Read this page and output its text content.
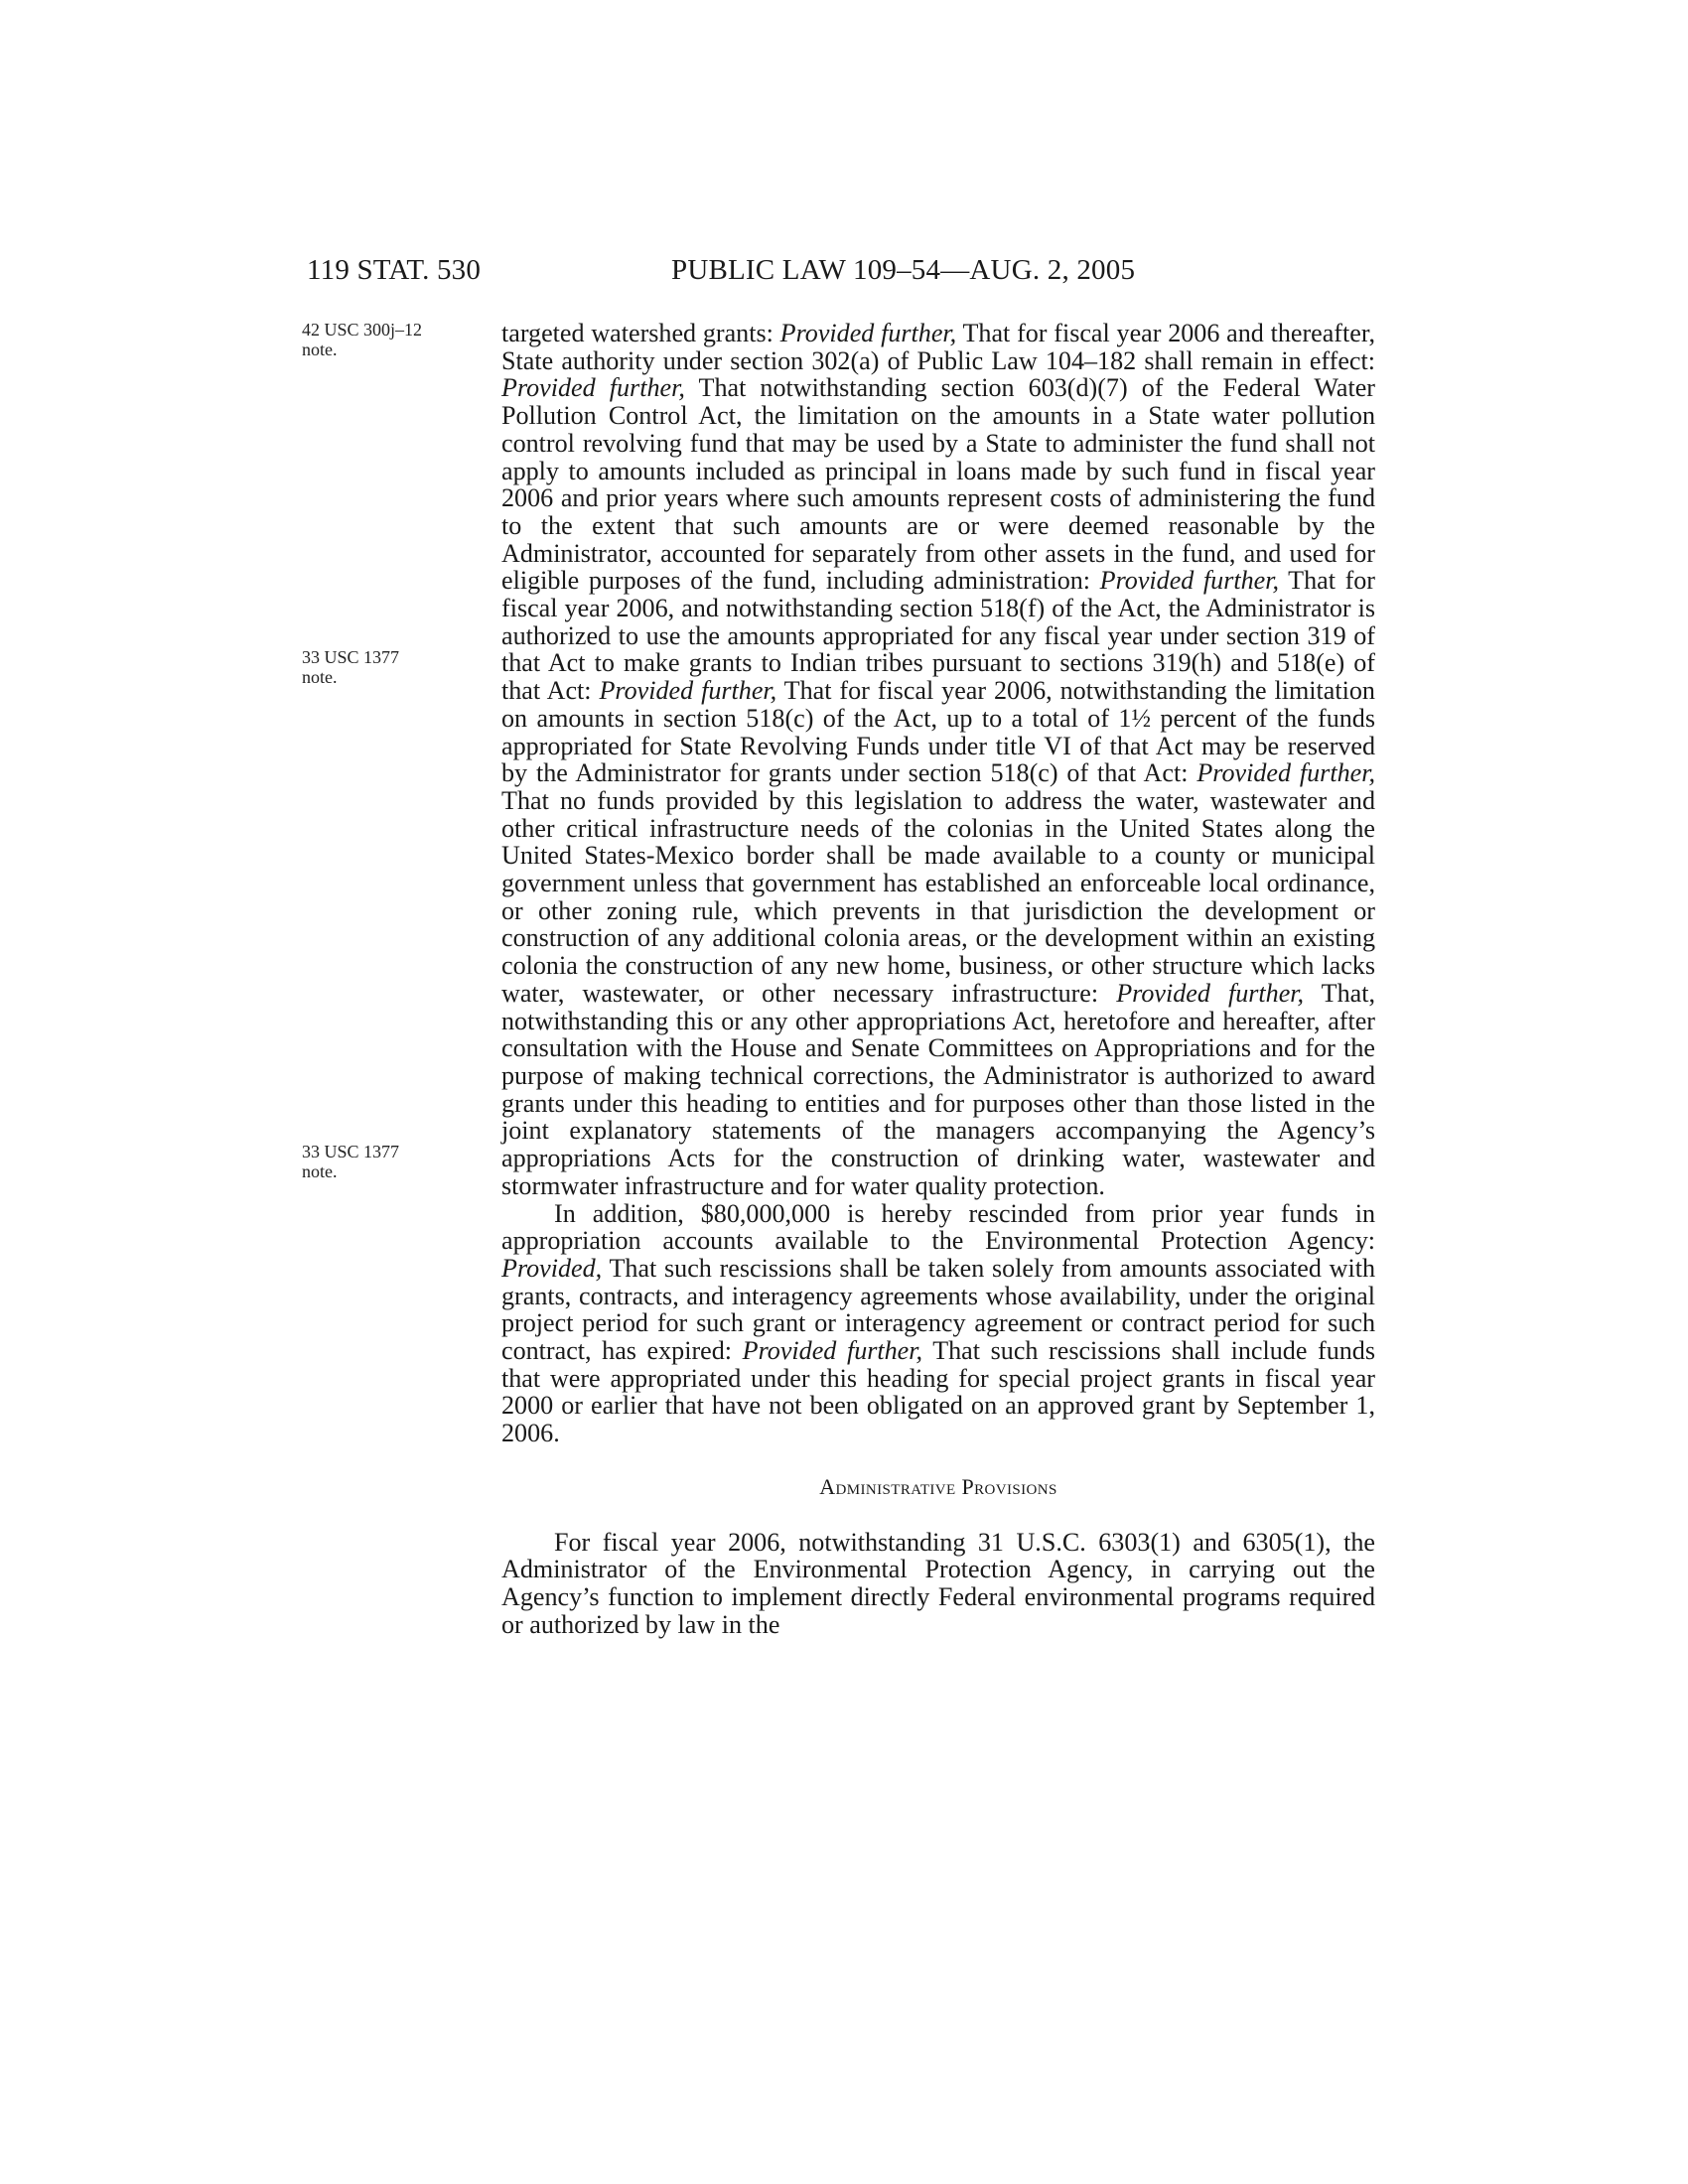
119 STAT. 530	PUBLIC LAW 109–54—AUG. 2, 2005
42 USC 300j–12
note.
33 USC 1377
note.
33 USC 1377
note.

targeted watershed grants: Provided further, That for fiscal year 2006 and thereafter, State authority under section 302(a) of Public Law 104–182 shall remain in effect: Provided further, That notwithstanding section 603(d)(7) of the Federal Water Pollution Control Act, the limitation on the amounts in a State water pollution control revolving fund that may be used by a State to administer the fund shall not apply to amounts included as principal in loans made by such fund in fiscal year 2006 and prior years where such amounts represent costs of administering the fund to the extent that such amounts are or were deemed reasonable by the Administrator, accounted for separately from other assets in the fund, and used for eligible purposes of the fund, including administration: Provided further, That for fiscal year 2006, and notwithstanding section 518(f) of the Act, the Administrator is authorized to use the amounts appropriated for any fiscal year under section 319 of that Act to make grants to Indian tribes pursuant to sections 319(h) and 518(e) of that Act: Provided further, That for fiscal year 2006, notwithstanding the limitation on amounts in section 518(c) of the Act, up to a total of 1½ percent of the funds appropriated for State Revolving Funds under title VI of that Act may be reserved by the Administrator for grants under section 518(c) of that Act: Provided further, That no funds provided by this legislation to address the water, wastewater and other critical infrastructure needs of the colonias in the United States along the United States-Mexico border shall be made available to a county or municipal government unless that government has established an enforceable local ordinance, or other zoning rule, which prevents in that jurisdiction the development or construction of any additional colonia areas, or the development within an existing colonia the construction of any new home, business, or other structure which lacks water, wastewater, or other necessary infrastructure: Provided further, That, notwithstanding this or any other appropriations Act, heretofore and hereafter, after consultation with the House and Senate Committees on Appropriations and for the purpose of making technical corrections, the Administrator is authorized to award grants under this heading to entities and for purposes other than those listed in the joint explanatory statements of the managers accompanying the Agency’s appropriations Acts for the construction of drinking water, wastewater and stormwater infrastructure and for water quality protection.

In addition, $80,000,000 is hereby rescinded from prior year funds in appropriation accounts available to the Environmental Protection Agency: Provided, That such rescissions shall be taken solely from amounts associated with grants, contracts, and interagency agreements whose availability, under the original project period for such grant or interagency agreement or contract period for such contract, has expired: Provided further, That such rescissions shall include funds that were appropriated under this heading for special project grants in fiscal year 2000 or earlier that have not been obligated on an approved grant by September 1, 2006.

Administrative Provisions

For fiscal year 2006, notwithstanding 31 U.S.C. 6303(1) and 6305(1), the Administrator of the Environmental Protection Agency, in carrying out the Agency’s function to implement directly Federal environmental programs required or authorized by law in the
